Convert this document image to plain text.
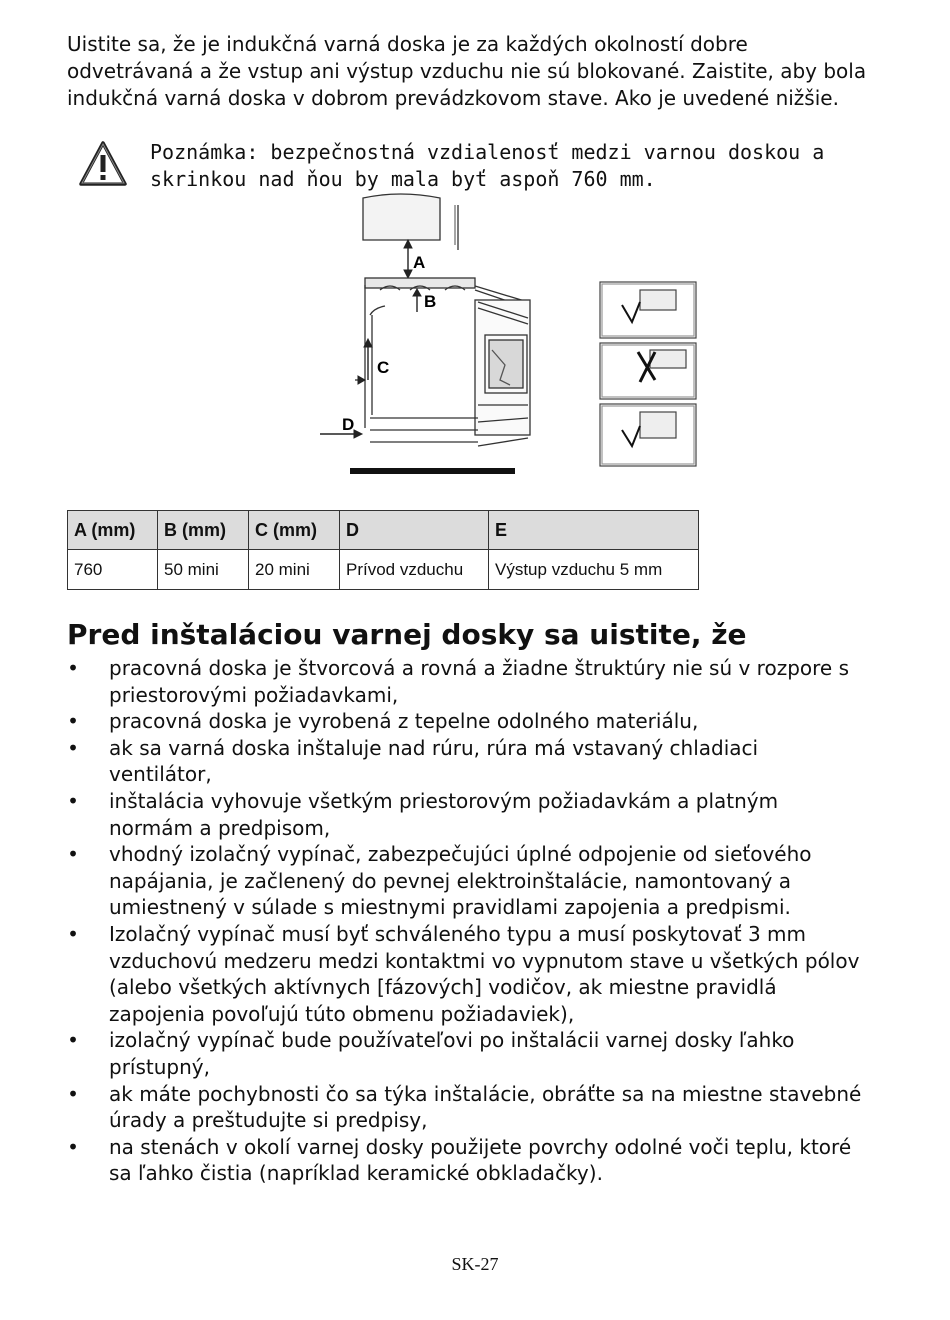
Uistite sa, že je indukčná varná doska je za každých okolností dobre odvetrávaná a že vstup ani výstup vzduchu nie sú blokované. Zaistite, aby bola indukčná varná doska v dobrom prevádzkovom stave. Ako je uvedené nižšie.

Poznámka: bezpečnostná vzdialenosť medzi varnou doskou a skrinkou nad ňou by mala byť aspoň 760 mm.

A
B
C
D
A (mm)	B (mm)	C (mm)	D	E
760	50 mini	20 mini	Prívod vzduchu	Výstup vzduchu 5 mm
Pred inštaláciou varnej dosky sa uistite, že
• pracovná doska je štvorcová a rovná a žiadne štruktúry nie sú v rozpore s priestorovými požiadavkami,
• pracovná doska je vyrobená z tepelne odolného materiálu,
• ak sa varná doska inštaluje nad rúru, rúra má vstavaný chladiaci ventilátor,
• inštalácia vyhovuje všetkým priestorovým požiadavkám a platným normám a predpisom,
• vhodný izolačný vypínač, zabezpečujúci úplné odpojenie od sieťového napájania, je začlenený do pevnej elektroinštalácie, namontovaný a umiestnený v súlade s miestnymi pravidlami zapojenia a predpismi.
• Izolačný vypínač musí byť schváleného typu a musí poskytovať 3 mm vzduchovú medzeru medzi kontaktmi vo vypnutom stave u všetkých pólov (alebo všetkých aktívnych [fázových] vodičov, ak miestne pravidlá zapojenia povoľujú túto obmenu požiadaviek),
• izolačný vypínač bude používateľovi po inštalácii varnej dosky ľahko prístupný,
• ak máte pochybnosti čo sa týka inštalácie, obráťte sa na miestne stavebné úrady a preštudujte si predpisy,
• na stenách v okolí varnej dosky použijete povrchy odolné voči teplu, ktoré sa ľahko čistia (napríklad keramické obkladačky).
SK-27
